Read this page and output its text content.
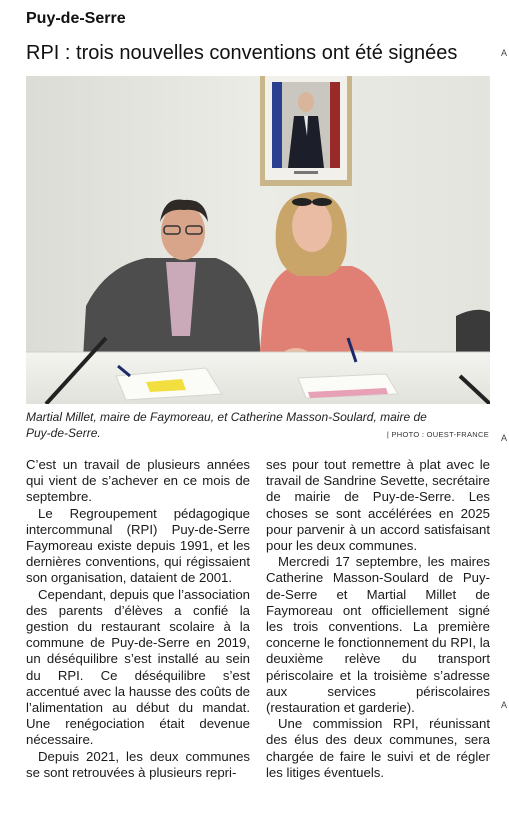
Puy-de-Serre
RPI : trois nouvelles conventions ont été signées	A
A
A
Martial Millet, maire de Faymoreau, et Catherine Masson-Soulard, maire de Puy-de-Serre.	| PHOTO : OUEST-FRANCE

C’est un travail de plusieurs années qui vient de s’achever en ce mois de septembre.

Le Regroupement pédagogique intercommunal (RPI) Puy-de-Serre Faymoreau existe depuis 1991, et les dernières conventions, qui régissaient son organisation, dataient de 2001.

Cependant, depuis que l’association des parents d’élèves a confié la gestion du restaurant scolaire à la commune de Puy-de-Serre en 2019, un déséquilibre s’est installé au sein du RPI. Ce déséquilibre s’est accentué avec la hausse des coûts de l’alimentation au début du mandat. Une renégociation était devenue nécessaire.

Depuis 2021, les deux communes se sont retrouvées à plusieurs repri-

ses pour tout remettre à plat avec le travail de Sandrine Sevette, secrétaire de mairie de Puy-de-Serre. Les choses se sont accélérées en 2025 pour parvenir à un accord satisfaisant pour les deux communes.

Mercredi 17 septembre, les maires Catherine Masson-Soulard de Puy-de-Serre et Martial Millet de Faymoreau ont officiellement signé les trois conventions. La première concerne le fonctionnement du RPI, la deuxième relève du transport périscolaire et la troisième s’adresse aux services périscolaires (restauration et garderie).

Une commission RPI, réunissant des élus des deux communes, sera chargée de faire le suivi et de régler les litiges éventuels.
